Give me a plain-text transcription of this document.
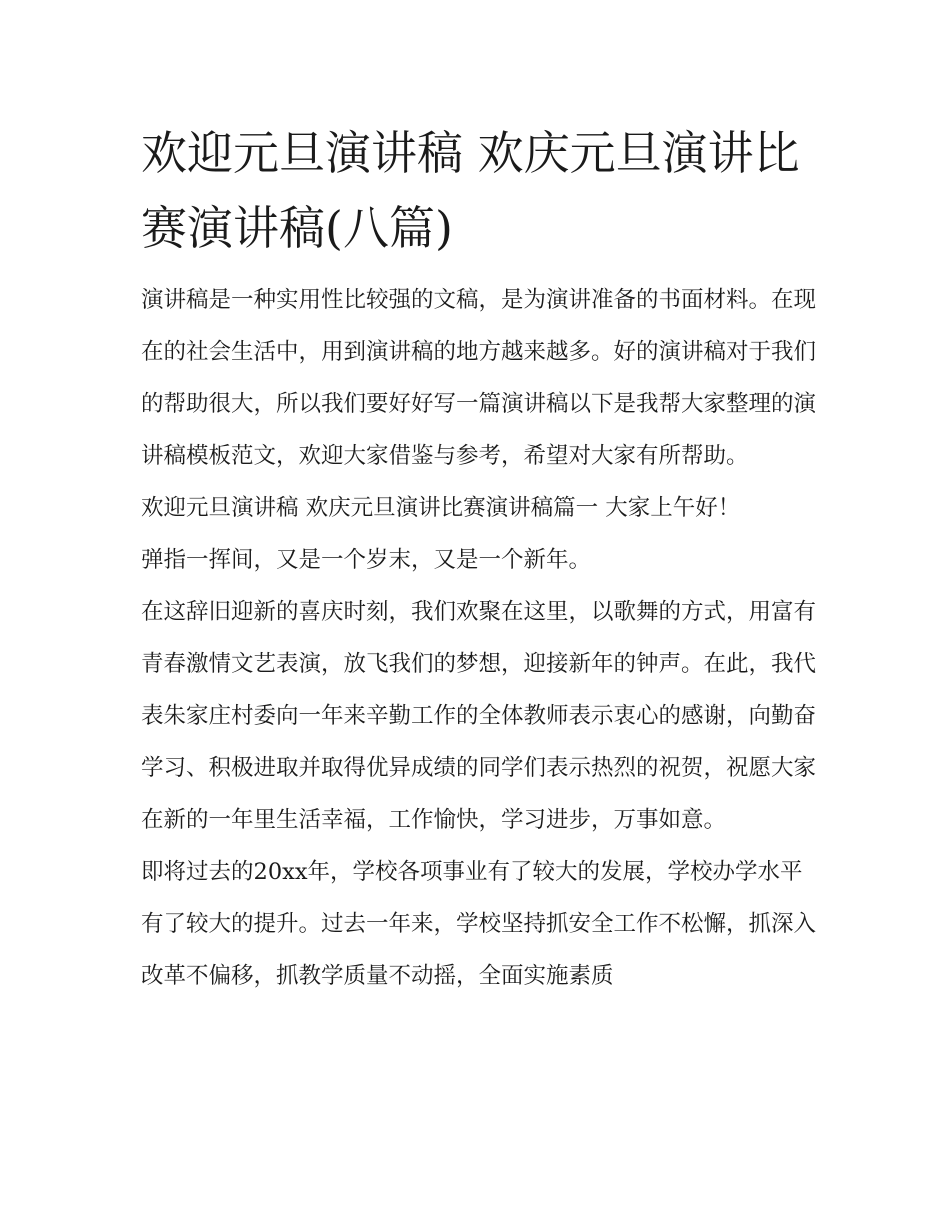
欢迎元旦演讲稿 欢庆元旦演讲比赛演讲稿(八篇)

演讲稿是一种实用性比较强的文稿，是为演讲准备的书面材料。在现在的社会生活中，用到演讲稿的地方越来越多。好的演讲稿对于我们的帮助很大，所以我们要好好写一篇演讲稿以下是我帮大家整理的演讲稿模板范文，欢迎大家借鉴与参考，希望对大家有所帮助。

欢迎元旦演讲稿 欢庆元旦演讲比赛演讲稿篇一 大家上午好！

弹指一挥间，又是一个岁末，又是一个新年。

在这辞旧迎新的喜庆时刻，我们欢聚在这里，以歌舞的方式，用富有青春激情文艺表演，放飞我们的梦想，迎接新年的钟声。在此，我代表朱家庄村委向一年来辛勤工作的全体教师表示衷心的感谢，向勤奋学习、积极进取并取得优异成绩的同学们表示热烈的祝贺，祝愿大家在新的一年里生活幸福，工作愉快，学习进步，万事如意。

即将过去的20xx年，学校各项事业有了较大的发展，学校办学水平有了较大的提升。过去一年来，学校坚持抓安全工作不松懈，抓深入改革不偏移，抓教学质量不动摇，全面实施素质
